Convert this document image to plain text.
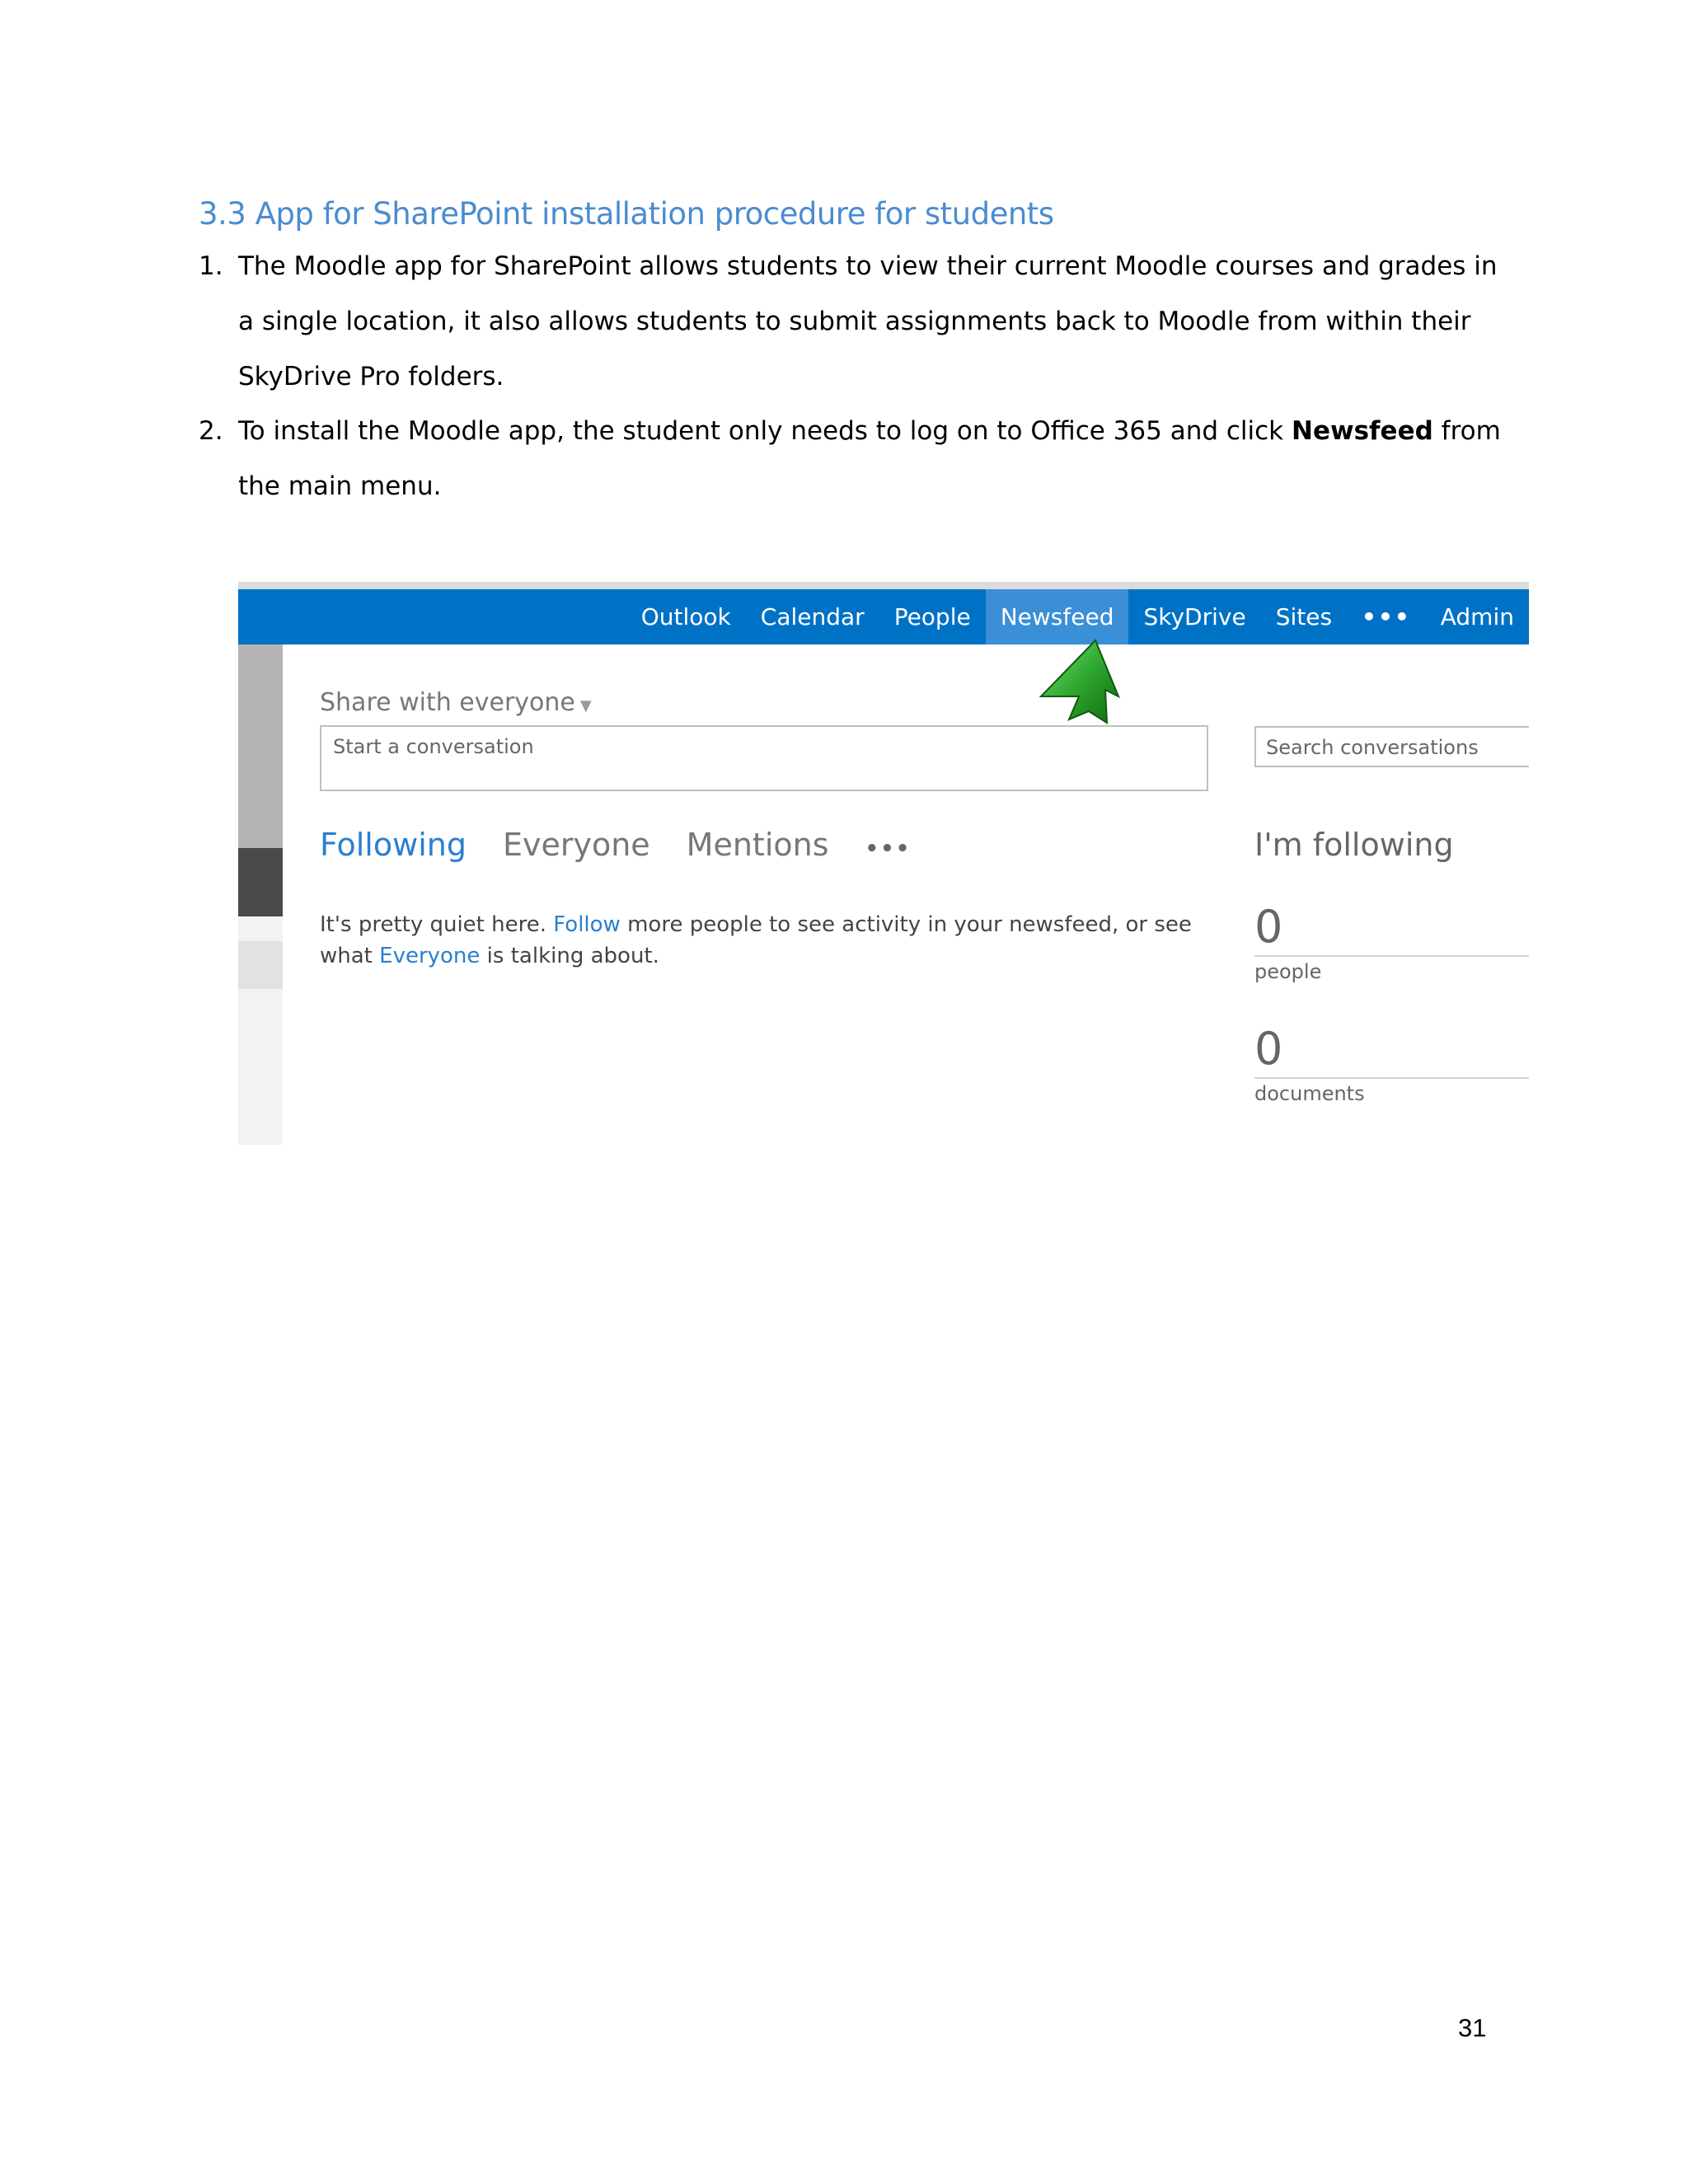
3.3 App for SharePoint installation procedure for students
1. The Moodle app for SharePoint allows students to view their current Moodle courses and grades in a single location, it also allows students to submit assignments back to Moodle from within their SkyDrive Pro folders.
2. To install the Moodle app, the student only needs to log on to Office 365 and click Newsfeed from the main menu.
Outlook	Calendar	People	Newsfeed	SkyDrive	Sites	•••	Admin
Share with everyone ▼
Start a conversation	Search conversations
Following Everyone Mentions •••
It's pretty quiet here. Follow more people to see activity in your newsfeed, or see what Everyone is talking about.
I'm following
0
people
0
documents
31
